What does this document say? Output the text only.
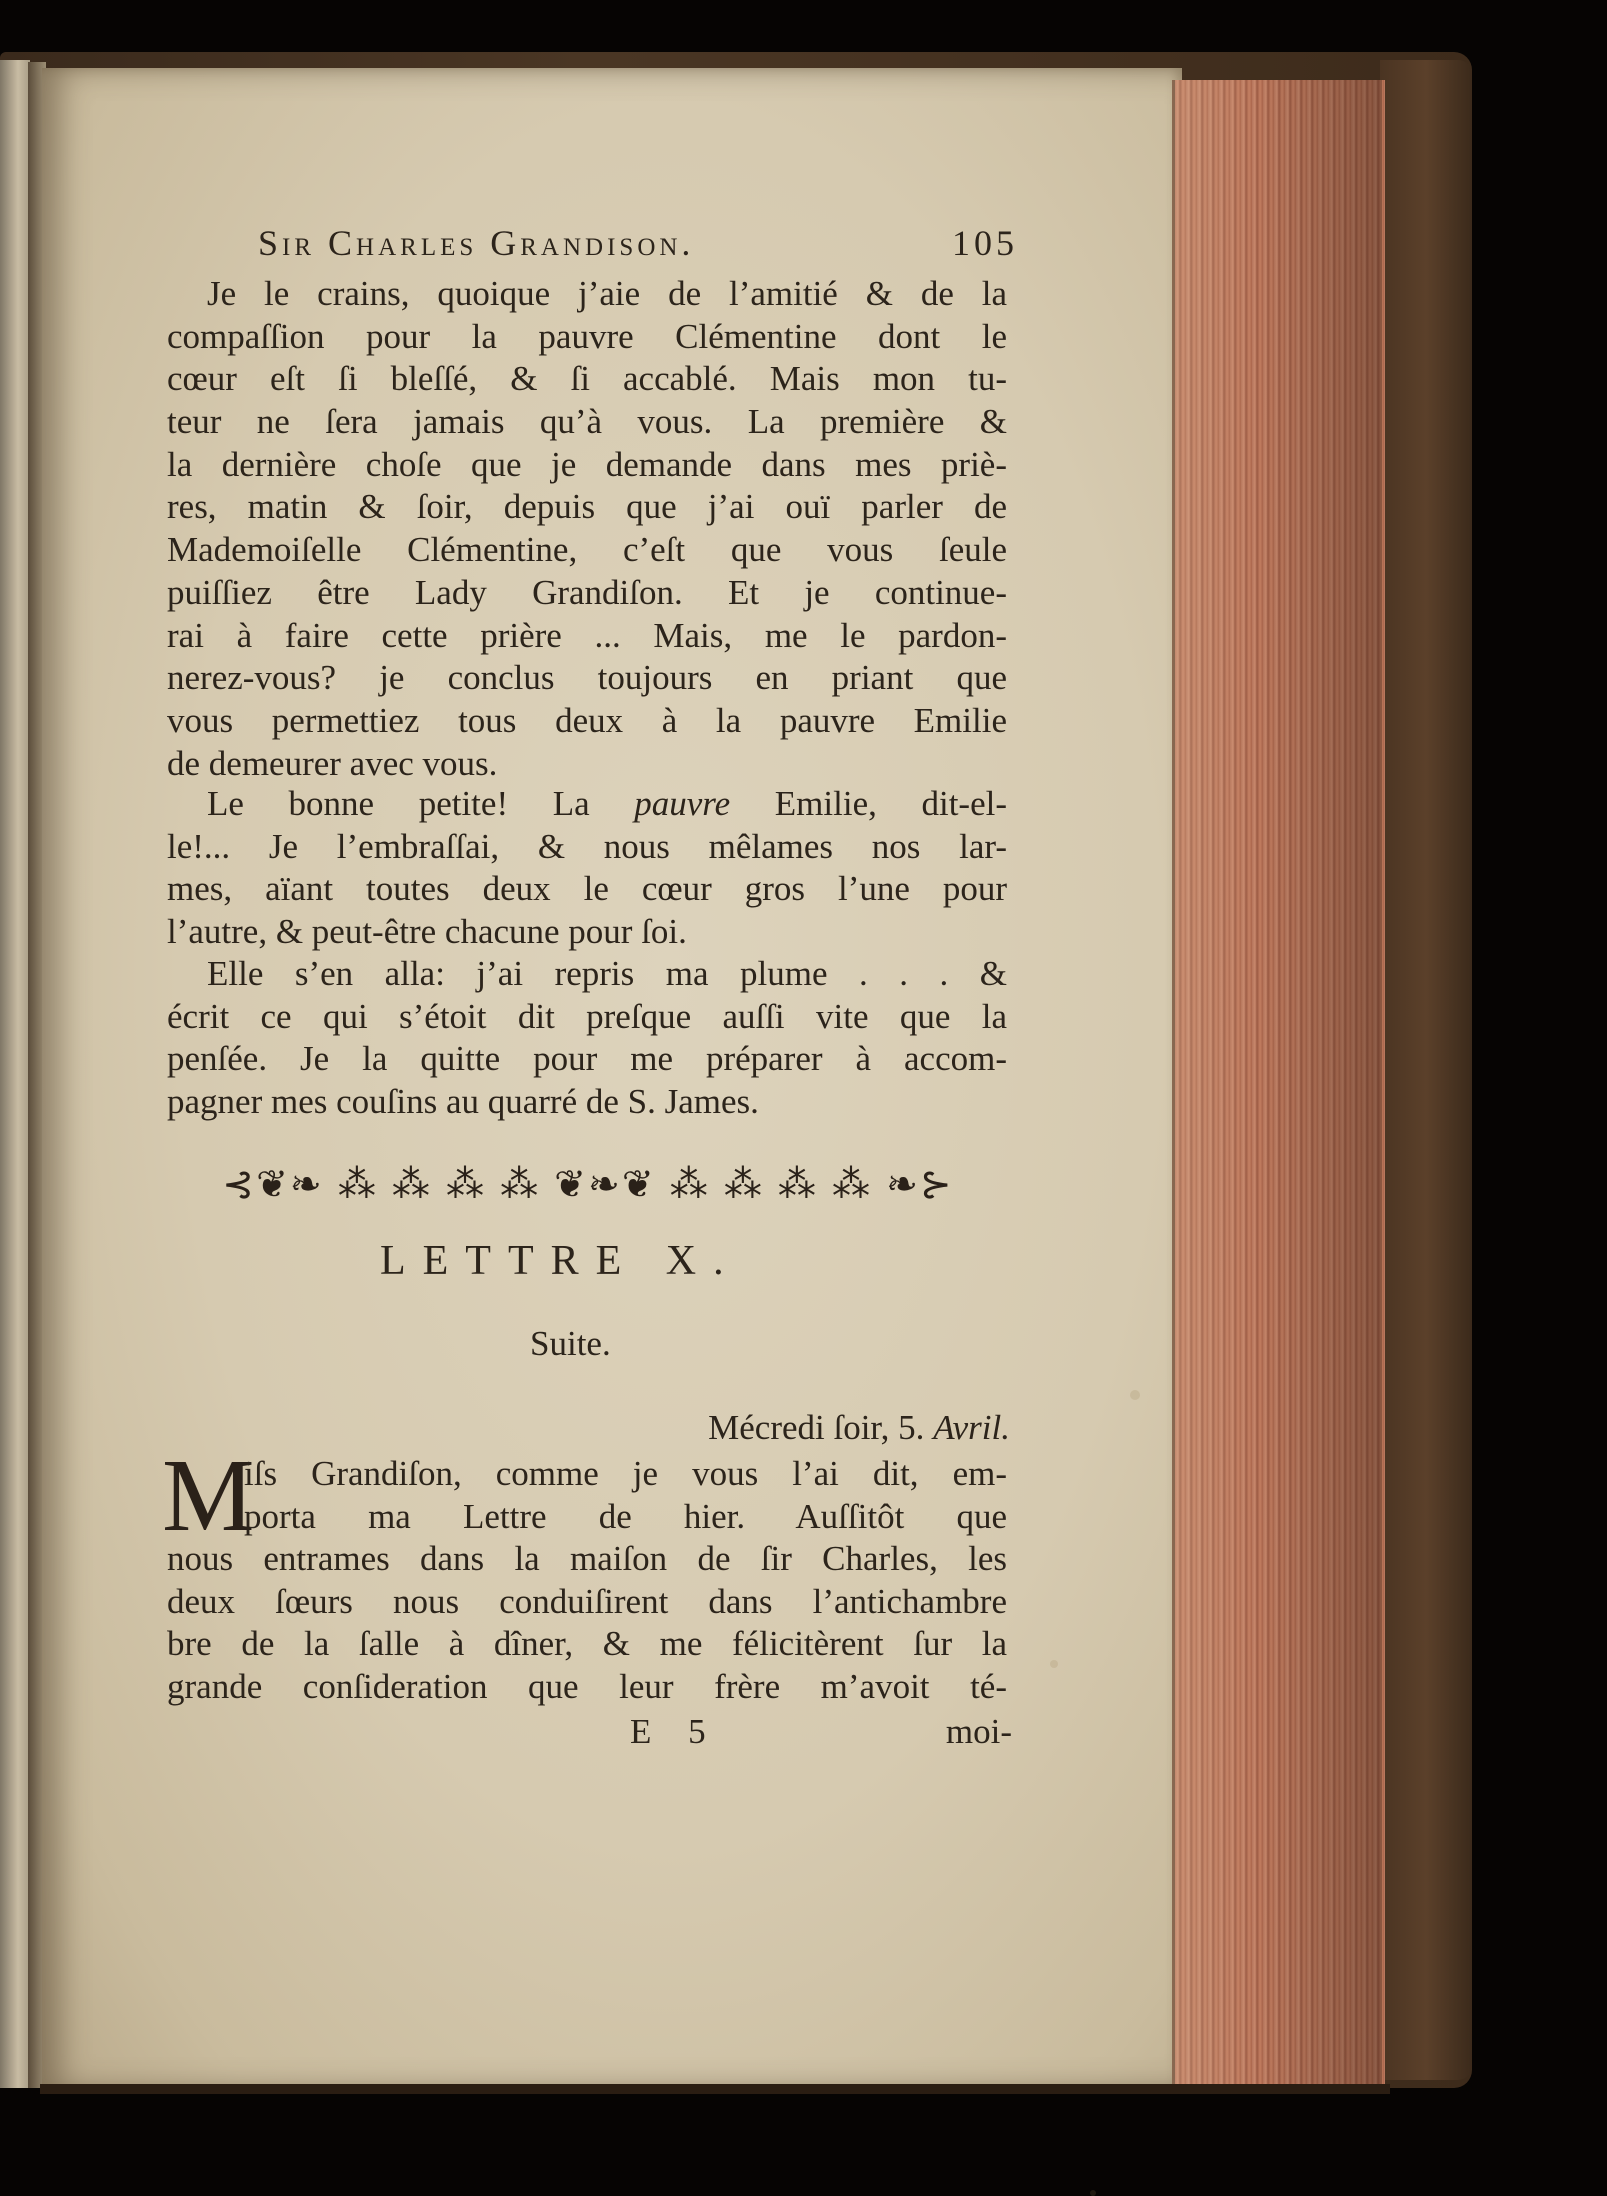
Sir Charles Grandison.	105
Je le crains, quoique j’aie de l’amitié & de la
compaſſion pour la pauvre Clémentine dont le
cœur eſt ſi bleſſé, & ſi accablé. Mais mon tu-
teur ne ſera jamais qu’à vous. La première &
la dernière choſe que je demande dans mes priè-
res, matin & ſoir, depuis que j’ai ouï parler de
Mademoiſelle Clémentine, c’eſt que vous ſeule
puiſſiez être Lady Grandiſon. Et je continue-
rai à faire cette prière ... Mais, me le pardon-
nerez-vous? je conclus toujours en priant que
vous permettiez tous deux à la pauvre Emilie
de demeurer avec vous.
Le bonne petite! La pauvre Emilie, dit-el-
le!... Je l’embraſſai, & nous mêlames nos lar-
mes, aïant toutes deux le cœur gros l’une pour
l’autre, & peut-être chacune pour ſoi.
Elle s’en alla: j’ai repris ma plume . . . &
écrit ce qui s’étoit dit preſque auſſi vite que la
penſée. Je la quitte pour me préparer à accom-
pagner mes couſins au quarré de S. James.
⊰❦❧ ⁂ ⁂ ⁂ ⁂ ❦❧❦ ⁂ ⁂ ⁂ ⁂ ❧⊱
LETTRE X.
Suite.
Mécredi ſoir, 5. Avril.
M
iſs Grandiſon, comme je vous l’ai dit, em-
porta ma Lettre de hier. Auſſitôt que
nous entrames dans la maiſon de ſir Charles, les
deux ſœurs nous conduiſirent dans l’antichambre
bre de la ſalle à dîner, & me félicitèrent ſur la
grande conſideration que leur frère m’avoit té-
E 5	moi-
